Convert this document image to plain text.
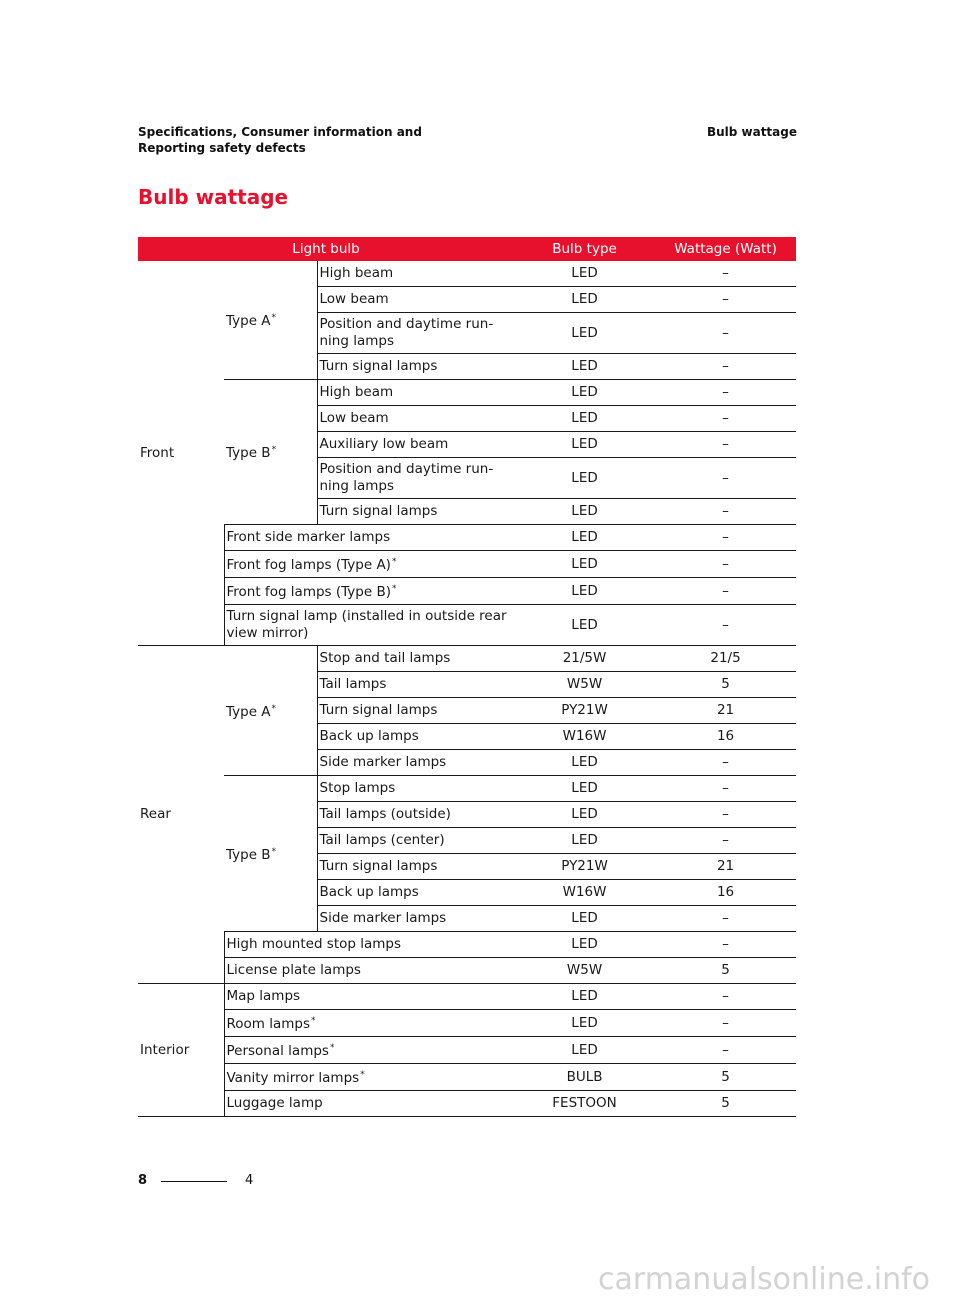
Specifications, Consumer information and
Reporting safety defects
Bulb wattage
Bulb wattage
Light bulb			Bulb type	Wattage (Watt)
Front	Type A*	High beam	LED	–
		Low beam	LED	–
		Position and daytime run-
ning lamps	LED	–
		Turn signal lamps	LED	–
	Type B*	High beam	LED	–
		Low beam	LED	–
		Auxiliary low beam	LED	–
		Position and daytime run-
ning lamps	LED	–
		Turn signal lamps	LED	–
	Front side marker lamps		LED	–
	Front fog lamps (Type A)*		LED	–
	Front fog lamps (Type B)*		LED	–
	Turn signal lamp (installed in outside rear
view mirror)		LED	–
Rear	Type A*	Stop and tail lamps	21/5W	21/5
		Tail lamps	W5W	5
		Turn signal lamps	PY21W	21
		Back up lamps	W16W	16
		Side marker lamps	LED	–
	Type B*	Stop lamps	LED	–
		Tail lamps (outside)	LED	–
		Tail lamps (center)	LED	–
		Turn signal lamps	PY21W	21
		Back up lamps	W16W	16
		Side marker lamps	LED	–
	High mounted stop lamps		LED	–
	License plate lamps		W5W	5
Interior	Map lamps		LED	–
	Room lamps*		LED	–
	Personal lamps*		LED	–
	Vanity mirror lamps*		BULB	5
	Luggage lamp		FESTOON	5
8	4
carmanualsonline.info
